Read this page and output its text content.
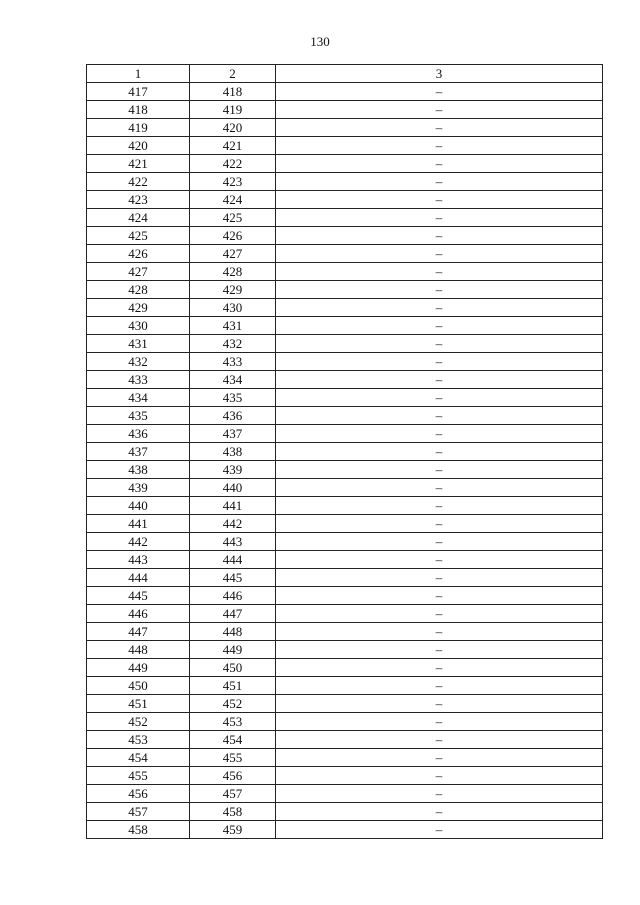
130
1	2	3
417	418	–
418	419	–
419	420	–
420	421	–
421	422	–
422	423	–
423	424	–
424	425	–
425	426	–
426	427	–
427	428	–
428	429	–
429	430	–
430	431	–
431	432	–
432	433	–
433	434	–
434	435	–
435	436	–
436	437	–
437	438	–
438	439	–
439	440	–
440	441	–
441	442	–
442	443	–
443	444	–
444	445	–
445	446	–
446	447	–
447	448	–
448	449	–
449	450	–
450	451	–
451	452	–
452	453	–
453	454	–
454	455	–
455	456	–
456	457	–
457	458	–
458	459	–
